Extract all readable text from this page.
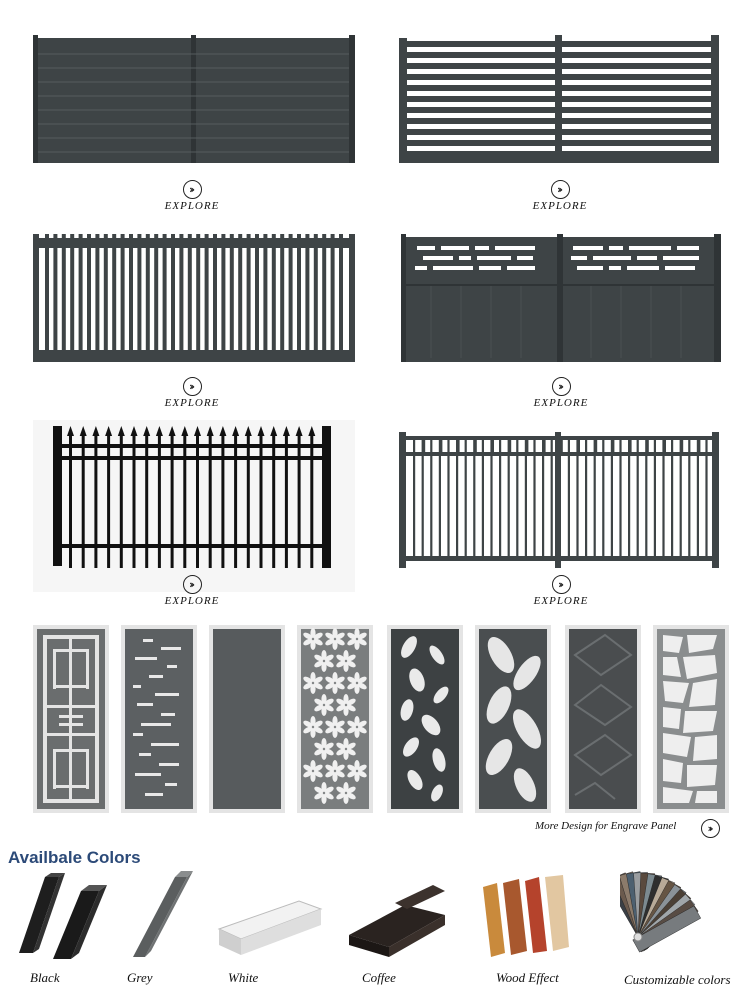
››
EXPLORE
››
EXPLORE
››
EXPLORE
››
EXPLORE
››
EXPLORE
››
EXPLORE
More Design for Engrave Panel	››
Availbale Colors
Black	Grey	White	Coffee	Wood Effect	Customizable colors
